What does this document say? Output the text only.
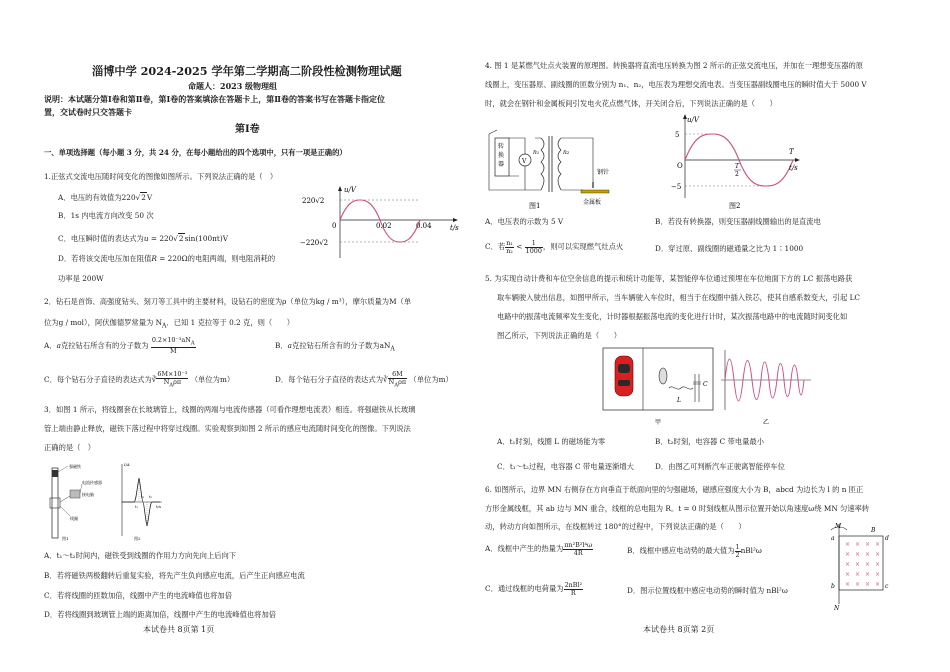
淄博中学 2024-2025 学年第二学期高二阶段性检测物理试题
命题人：2023 级物理组
说明：本试题分第Ⅰ卷和第Ⅱ卷，第Ⅰ卷的答案填涂在答题卡上，第Ⅱ卷的答案书写在答题卡指定位
置，交试卷时只交答题卡
第Ⅰ卷
一、单项选择题（每小题 3 分，共 24 分，在每小题给出的四个选项中，只有一项是正确的）
1.正弦式交流电压随时间变化的图像如图所示。下列说法正确的是（　）
A．电压的有效值为220√2V
B．1s 内电流方向改变 50 次
C．电压瞬时值的表达式为u = 220√2sin(100πt)V
D．若将该交流电压加在阻值R = 220Ω的电阻两端，则电阻消耗的
功率是 200W
220√2
−220√2
u/V
t/s
0	0.02	0.04
2．钻石是首饰、高强度钻头、刻刀等工具中的主要材料，设钻石的密度为ρ（单位为kg / m³），摩尔质量为M（单
位为g / mol），阿伏伽德罗常量为 $N_A$．已知 1 克拉等于 0.2 克，则（　　）
A．a克拉钻石所含有的分子数为
$0.2\times 10^{-3}aN_A$
M
B．a克拉钻石所含有的分子数为$aN_A$
C．每个钻石分子直径的表达式为∛
6M×10⁻³
$N_A\rho\pi$	（单位为m）	D．每个钻石分子直径的表达式为∛
6M
$N_A\rho\pi$ （单位为m）
3．如图 1 所示，将线圈套在长玻璃管上，线圈的两端与电流传感器（可看作理想电流表）相连。将强磁铁从长玻璃
管上端由静止释放，磁铁下落过程中将穿过线圈。实验观察到如图 2 所示的感应电流随时间变化的图像。下列说法
正确的是（　）
强磁铁
电流传感器
接电脑
线圈
图1
I/A
t/s
t₁
t₂ t₃
图2
A．t₁～t₂时间内，磁铁受到线圈的作用力方向先向上后向下
B．若将磁铁两极翻转后重复实验，将先产生负向感应电流，后产生正向感应电流
C．若将线圈的匝数加倍，线圈中产生的电流峰值也将加倍
D．若将线圈到玻璃管上端的距离加倍，线圈中产生的电流峰值也将加倍
本试卷共 8页第 1页
4. 图 1 是某燃气灶点火装置的原理图。转换器将直流电压转换为图 2 所示的正弦交流电压，并加在一理想变压器的原
线圈上，变压器原、副线圈的匝数分别为 n₁、n₂，电压表为理想交流电表。当变压器副线圈电压的瞬时值大于 5000 V
时，就会在钢针和金属板间引发电火花点燃气体，开关闭合后，下列说法正确的是（　　）
转
换
器	V
n₁	n₂
钢针
金属板
图1
u/V
t/s
5
−5
O	T
2
T
图2
A．电压表的示数为 5 V	B．若没有转换器，则变压器副线圈输出的是直流电
C．若 $\frac{\text{n₁}}{\text{n₂}} < \frac{1}{1000}$ ，则可以实现燃气灶点火	D．穿过原、副线圈的磁通量之比为 1∶1000
5. 为实现自动计费和车位空余信息的提示和统计功能等，某智能停车位通过预埋在车位地面下方的 LC 振荡电路获
取车辆驶入驶出信息，如图甲所示，当车辆驶入车位时，相当于在线圈中插入铁芯，使其自感系数变大，引起 LC
电路中的振荡电流频率发生变化，计时器根据振荡电流的变化进行计时，某次振荡电路中的电流随时间变化如
图乙所示，下列说法正确的是（　　）
L
C
甲	乙
A．t₁时刻，线圈 L 的磁场能为零	B．t₂时刻，电容器 C 带电量最小
C．t₁～t₂过程，电容器 C 带电量逐渐增大	D．由图乙可判断汽车正驶离智能停车位
6. 如图所示，边界 MN 右侧存在方向垂直于纸面向里的匀强磁场，磁感应强度大小为 B，abcd 为边长为 l 的 n 匝正
方形金属线框，其 ab 边与 MN 重合，线框的总电阻为 R。t = 0 时刻线框从图示位置开始以角速度ω绕 MN 匀速率转
动，转动方向如图所示，在线框转过 180°的过程中，下列说法正确的是（　　）
A．线框中产生的热量为 $\frac{\text{πn²B²l⁴ω}}{4R}$	B．线框中感应电动势的最大值为 $\frac{1}{2} nBl^2\omega$
C．通过线框的电荷量为 2nBl²
R	D．图示位置线框中感应电动势的瞬时值为 nBl²ω
× × × ×
× × × ×
× × × ×
× × × ×
× × × ×
M
N
B
a
b	c
d
本试卷共 8页第 2页
